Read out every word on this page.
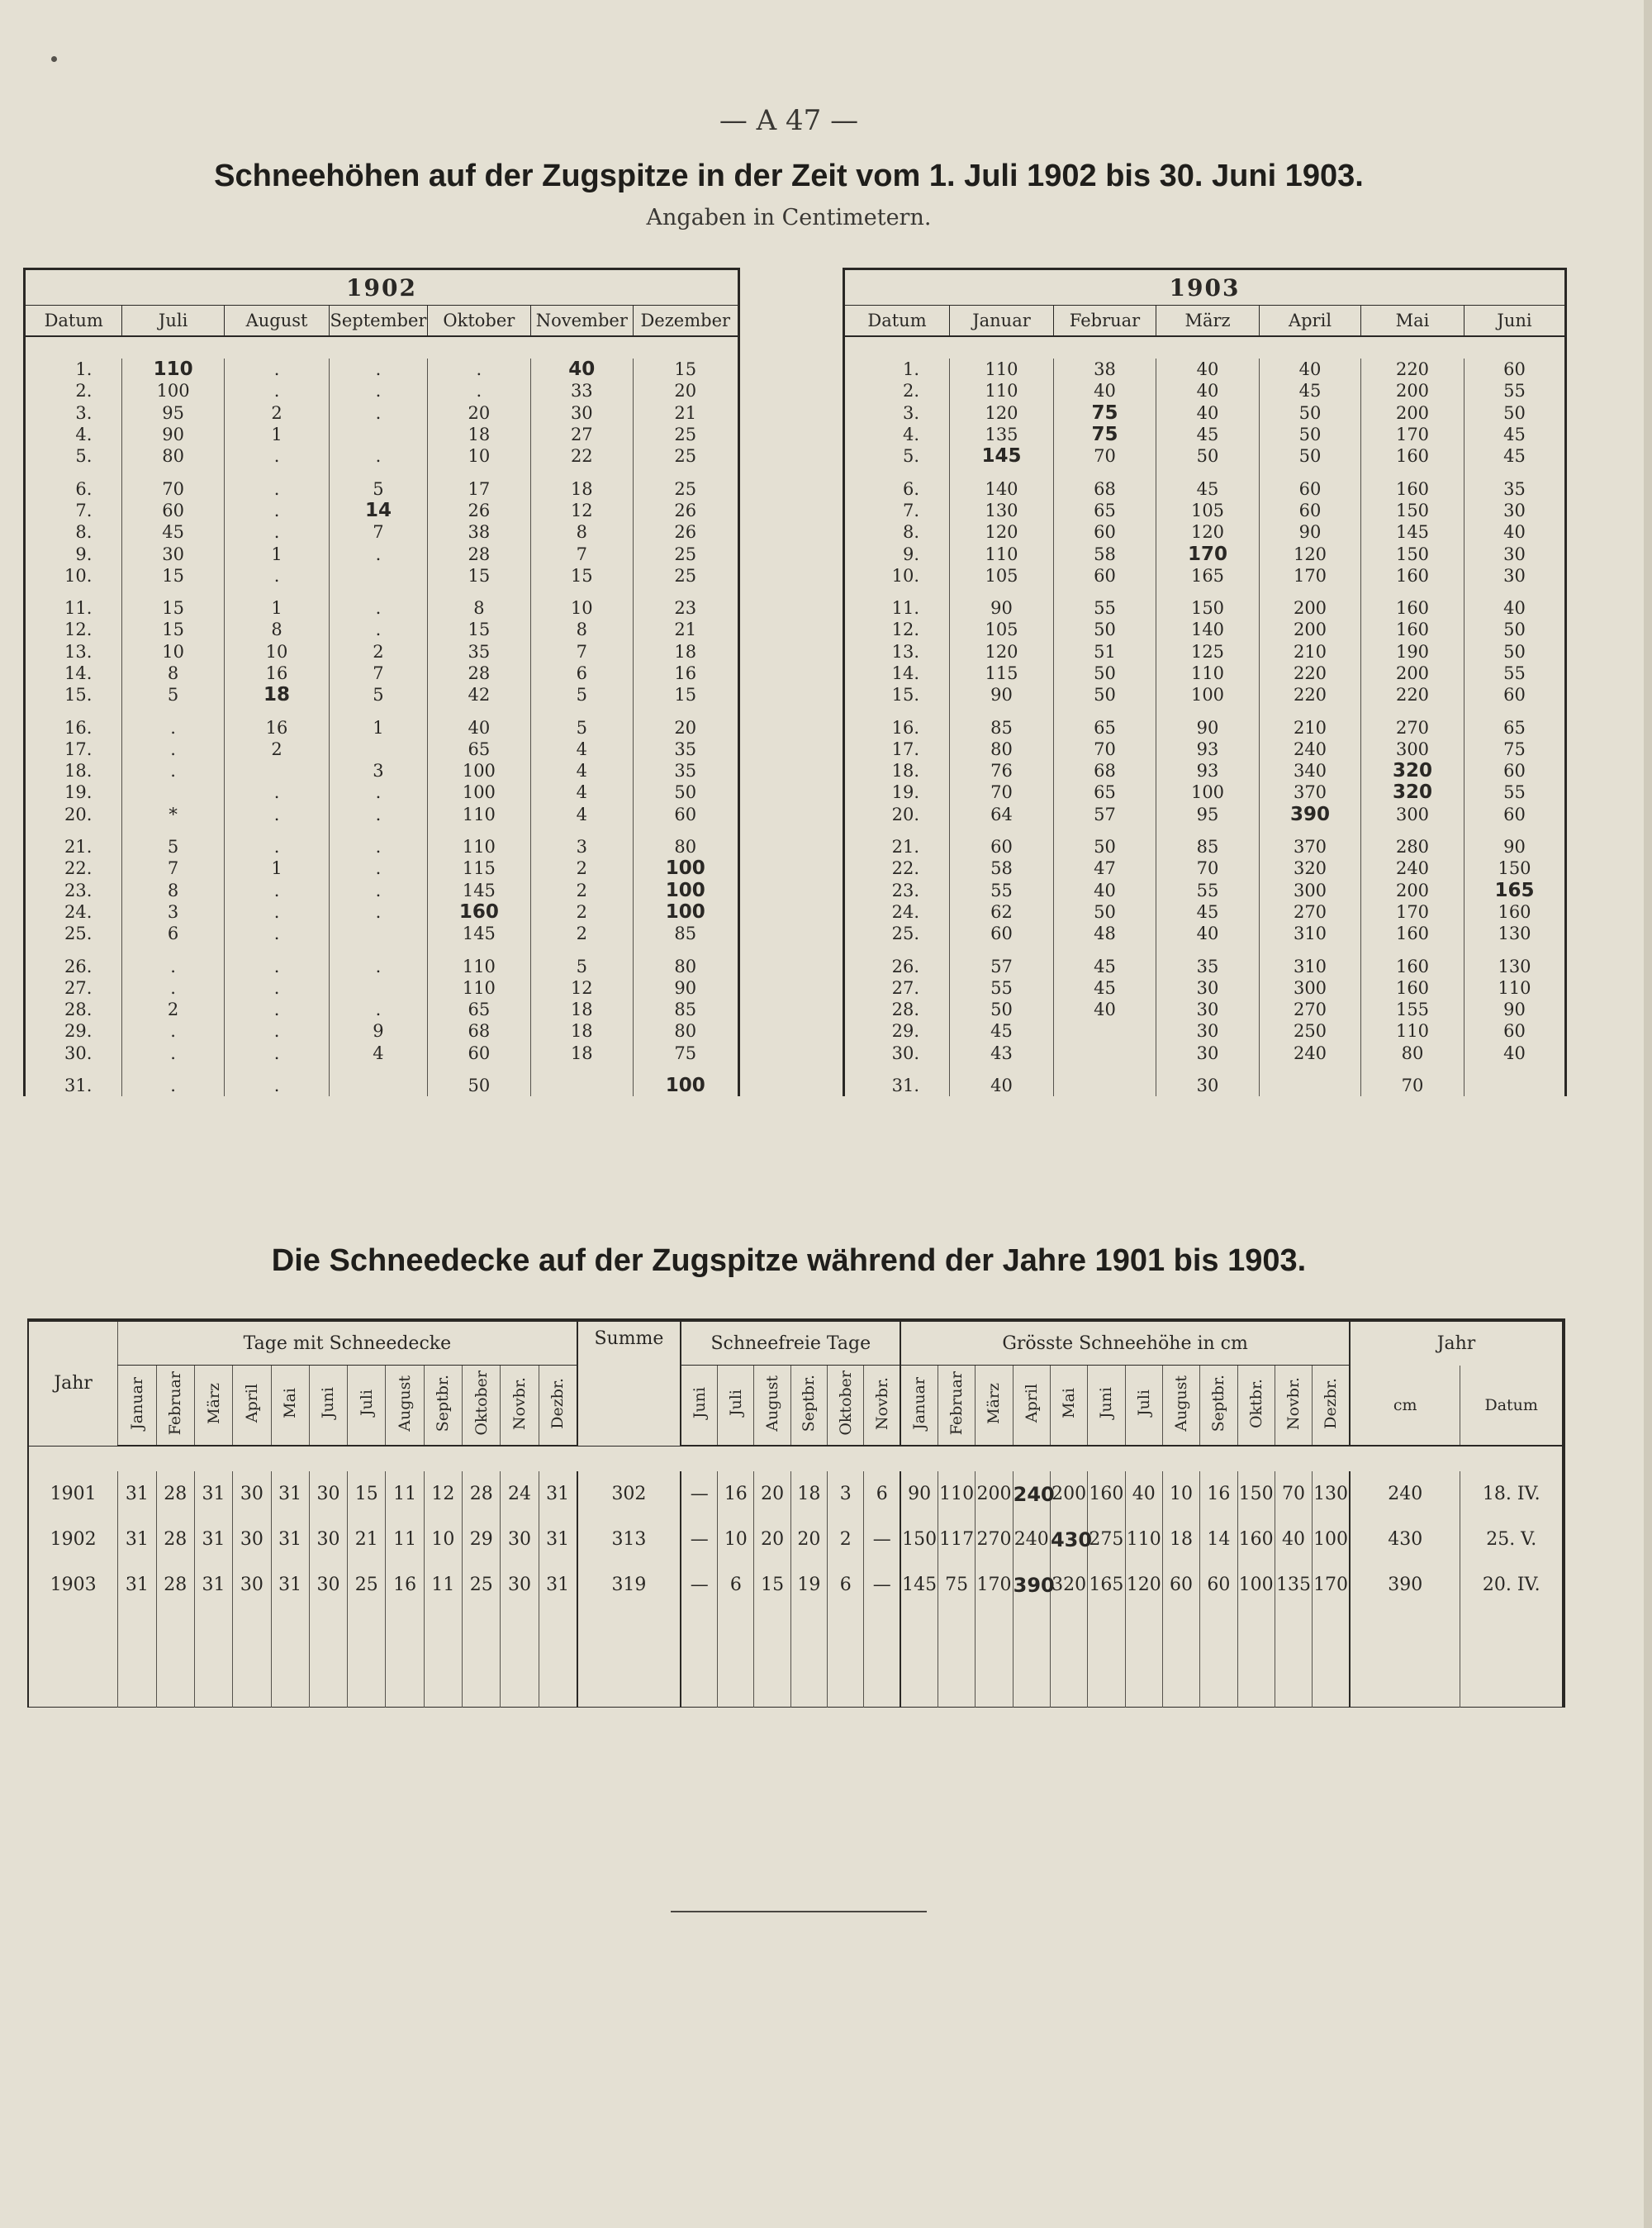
— A 47 —
Schneehöhen auf der Zugspitze in der Zeit vom 1. Juli 1902 bis 30. Juni 1903.
Angaben in Centimetern.
1902						
Datum	Juli	August	September	Oktober	November	Dezember

1.	110	.	.	.	40	15
2.	100	.	.	.	33	20
3.	95	2	.	20	30	21
4.	90	1		18	27	25
5.	80	.	.	10	22	25
6.	70	.	5	17	18	25
7.	60	.	14	26	12	26
8.	45	.	7	38	8	26
9.	30	1	.	28	7	25
10.	15	.		15	15	25
11.	15	1	.	8	10	23
12.	15	8	.	15	8	21
13.	10	10	2	35	7	18
14.	8	16	7	28	6	16
15.	5	18	5	42	5	15
16.	.	16	1	40	5	20
17.	.	2		65	4	35
18.	.		3	100	4	35
19.		.	.	100	4	50
20.	*	.	.	110	4	60
21.	5	.	.	110	3	80
22.	7	1	.	115	2	100
23.	8	.	.	145	2	100
24.	3	.	.	160	2	100
25.	6	.		145	2	85
26.	.	.	.	110	5	80
27.	.	.		110	12	90
28.	2	.	.	65	18	85
29.	.	.	9	68	18	80
30.	.	.	4	60	18	75
31.	.	.		50		100
1903						
Datum	Januar	Februar	März	April	Mai	Juni

1.	110	38	40	40	220	60
2.	110	40	40	45	200	55
3.	120	75	40	50	200	50
4.	135	75	45	50	170	45
5.	145	70	50	50	160	45
6.	140	68	45	60	160	35
7.	130	65	105	60	150	30
8.	120	60	120	90	145	40
9.	110	58	170	120	150	30
10.	105	60	165	170	160	30
11.	90	55	150	200	160	40
12.	105	50	140	200	160	50
13.	120	51	125	210	190	50
14.	115	50	110	220	200	55
15.	90	50	100	220	220	60
16.	85	65	90	210	270	65
17.	80	70	93	240	300	75
18.	76	68	93	340	320	60
19.	70	65	100	370	320	55
20.	64	57	95	390	300	60
21.	60	50	85	370	280	90
22.	58	47	70	320	240	150
23.	55	40	55	300	200	165
24.	62	50	45	270	170	160
25.	60	48	40	310	160	130
26.	57	45	35	310	160	130
27.	55	45	30	300	160	110
28.	50	40	30	270	155	90
29.	45		30	250	110	60
30.	43		30	240	80	40
31.	40		30		70	
Die Schneedecke auf der Zugspitze während der Jahre 1901 bis 1903.
Jahr	Tage mit Schneedecke												Summe	Schneefreie Tage						Grösste Schneehöhe in cm												Jahr	
	Januar	Februar	März	April	Mai	Juni	Juli	August	Septbr.	Oktober	Novbr.	Dezbr.		Juni	Juli	August	Septbr.	Oktober	Novbr.	Januar	Februar	März	April	Mai	Juni	Juli	August	Septbr.	Oktbr.	Novbr.	Dezbr.	cm	Datum

1901	31	28	31	30	31	30	15	11	12	28	24	31	302	—	16	20	18	3	6	90	110	200	240	200	160	40	10	16	150	70	130	240	18. IV.
1902	31	28	31	30	31	30	21	11	10	29	30	31	313	—	10	20	20	2	—	150	117	270	240	430	275	110	18	14	160	40	100	430	25. V.
1903	31	28	31	30	31	30	25	16	11	25	30	31	319	—	6	15	19	6	—	145	75	170	390	320	165	120	60	60	100	135	170	390	20. IV.
